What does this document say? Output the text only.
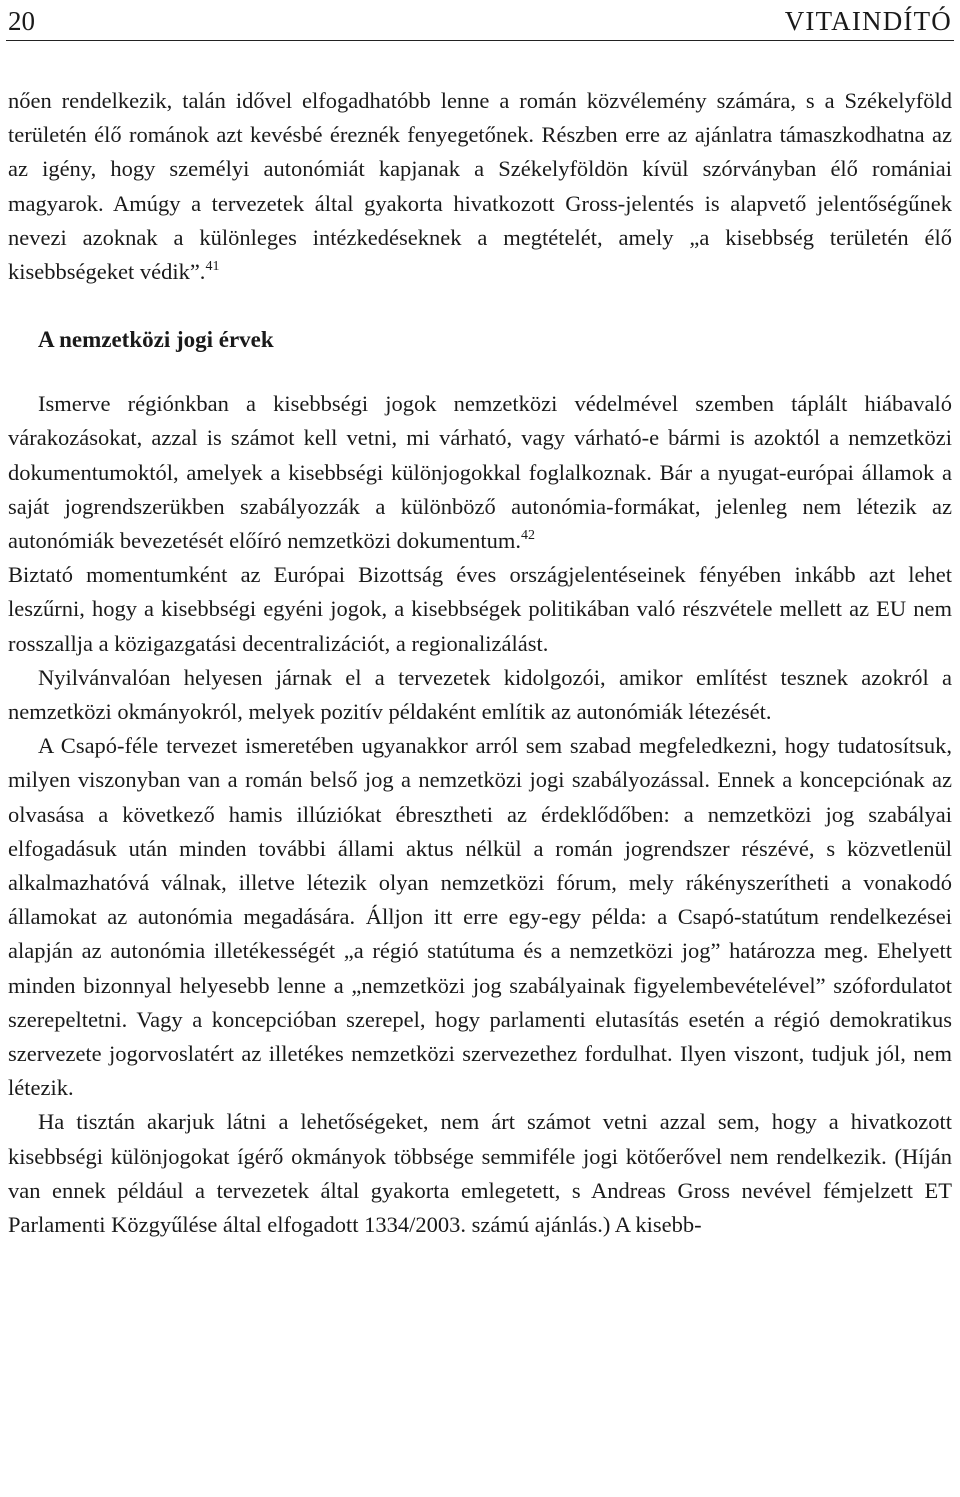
20	VITAINDÍTÓ

nően rendelkezik, talán idővel elfogadhatóbb lenne a román közvélemény számára, s a Székelyföld területén élő románok azt kevésbé éreznék fenyegetőnek. Részben erre az ajánlatra támaszkodhatna az az igény, hogy személyi autonómiát kapjanak a Székelyföldön kívül szórványban élő romániai magyarok. Amúgy a tervezetek által gyakorta hivatkozott Gross-jelentés is alapvető jelentőségűnek nevezi azoknak a különleges intézkedéseknek a megtételét, amely „a kisebbség területén élő kisebbségeket védik”.$^{41}$

A nemzetközi jogi érvek

Ismerve régiónkban a kisebbségi jogok nemzetközi védelmével szemben táplált hiábavaló várakozásokat, azzal is számot kell vetni, mi várható, vagy várható-e bármi is azoktól a nemzetközi dokumentumoktól, amelyek a kisebbségi különjogokkal foglalkoznak. Bár a nyugat-európai államok a saját jogrendszerükben szabályozzák a különböző autonómia-formákat, jelenleg nem létezik az autonómiák bevezetését előíró nemzetközi dokumentum.$^{42}$

Biztató momentumként az Európai Bizottság éves országjelentéseinek fényében inkább azt lehet leszűrni, hogy a kisebbségi egyéni jogok, a kisebbségek politikában való részvétele mellett az EU nem rosszallja a közigazgatási decentralizációt, a regionalizálást.

Nyilvánvalóan helyesen járnak el a tervezetek kidolgozói, amikor említést tesznek azokról a nemzetközi okmányokról, melyek pozitív példaként említik az autonómiák létezését.

A Csapó-féle tervezet ismeretében ugyanakkor arról sem szabad megfeledkezni, hogy tudatosítsuk, milyen viszonyban van a román belső jog a nemzetközi jogi szabályozással. Ennek a koncepciónak az olvasása a következő hamis illúziókat ébresztheti az érdeklődőben: a nemzetközi jog szabályai elfogadásuk után minden további állami aktus nélkül a román jogrendszer részévé, s közvetlenül alkalmazhatóvá válnak, illetve létezik olyan nemzetközi fórum, mely rákényszerítheti a vonakodó államokat az autonómia megadására. Álljon itt erre egy-egy példa: a Csapó-statútum rendelkezései alapján az autonómia illetékességét „a régió statútuma és a nemzetközi jog” határozza meg. Ehelyett minden bizonnyal helyesebb lenne a „nemzetközi jog szabályainak figyelembevételével” szófordulatot szerepeltetni. Vagy a koncepcióban szerepel, hogy parlamenti elutasítás esetén a régió demokratikus szervezete jogorvoslatért az illetékes nemzetközi szervezethez fordulhat. Ilyen viszont, tudjuk jól, nem létezik.

Ha tisztán akarjuk látni a lehetőségeket, nem árt számot vetni azzal sem, hogy a hivatkozott kisebbségi különjogokat ígérő okmányok többsége semmiféle jogi kötőerővel nem rendelkezik. (Híján van ennek például a tervezetek által gyakorta emlegetett, s Andreas Gross nevével fémjelzett ET Parlamenti Közgyűlése által elfogadott 1334/2003. számú ajánlás.) A kisebb-
